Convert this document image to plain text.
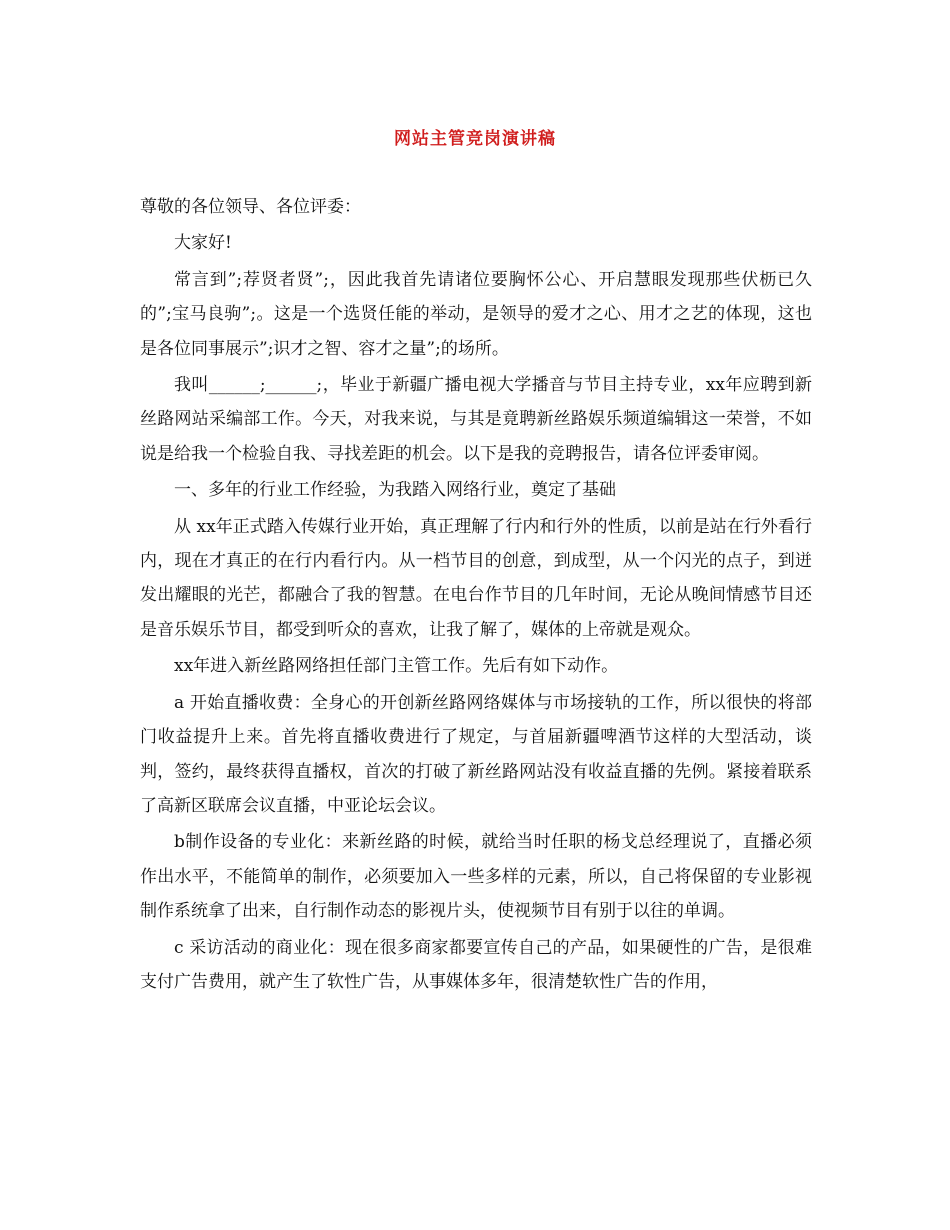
网站主管竞岗演讲稿
尊敬的各位领导、各位评委：

大家好!

常言到”;荐贤者贤”;，因此我首先请诸位要胸怀公心、开启慧眼发现那些伏枥已久的”;宝马良驹”;。这是一个选贤任能的举动，是领导的爱才之心、用才之艺的体现，这也是各位同事展示”;识才之智、容才之量”;的场所。

我叫______;______;，毕业于新疆广播电视大学播音与节目主持专业，xx年应聘到新丝路网站采编部工作。今天，对我来说，与其是竟聘新丝路娱乐频道编辑这一荣誉，不如说是给我一个检验自我、寻找差距的机会。以下是我的竞聘报告，请各位评委审阅。

一、多年的行业工作经验，为我踏入网络行业，奠定了基础

从 xx年正式踏入传媒行业开始，真正理解了行内和行外的性质，以前是站在行外看行内，现在才真正的在行内看行内。从一档节目的创意，到成型，从一个闪光的点子，到迸发出耀眼的光芒，都融合了我的智慧。在电台作节目的几年时间，无论从晚间情感节目还是音乐娱乐节目，都受到听众的喜欢，让我了解了，媒体的上帝就是观众。

xx年进入新丝路网络担任部门主管工作。先后有如下动作。

a 开始直播收费：全身心的开创新丝路网络媒体与市场接轨的工作，所以很快的将部门收益提升上来。首先将直播收费进行了规定，与首届新疆啤酒节这样的大型活动，谈判，签约，最终获得直播权，首次的打破了新丝路网站没有收益直播的先例。紧接着联系了高新区联席会议直播，中亚论坛会议。

b制作设备的专业化：来新丝路的时候，就给当时任职的杨戈总经理说了，直播必须作出水平，不能简单的制作，必须要加入一些多样的元素，所以，自己将保留的专业影视制作系统拿了出来，自行制作动态的影视片头，使视频节目有别于以往的单调。

c 采访活动的商业化：现在很多商家都要宣传自己的产品，如果硬性的广告，是很难支付广告费用，就产生了软性广告，从事媒体多年，很清楚软性广告的作用，
